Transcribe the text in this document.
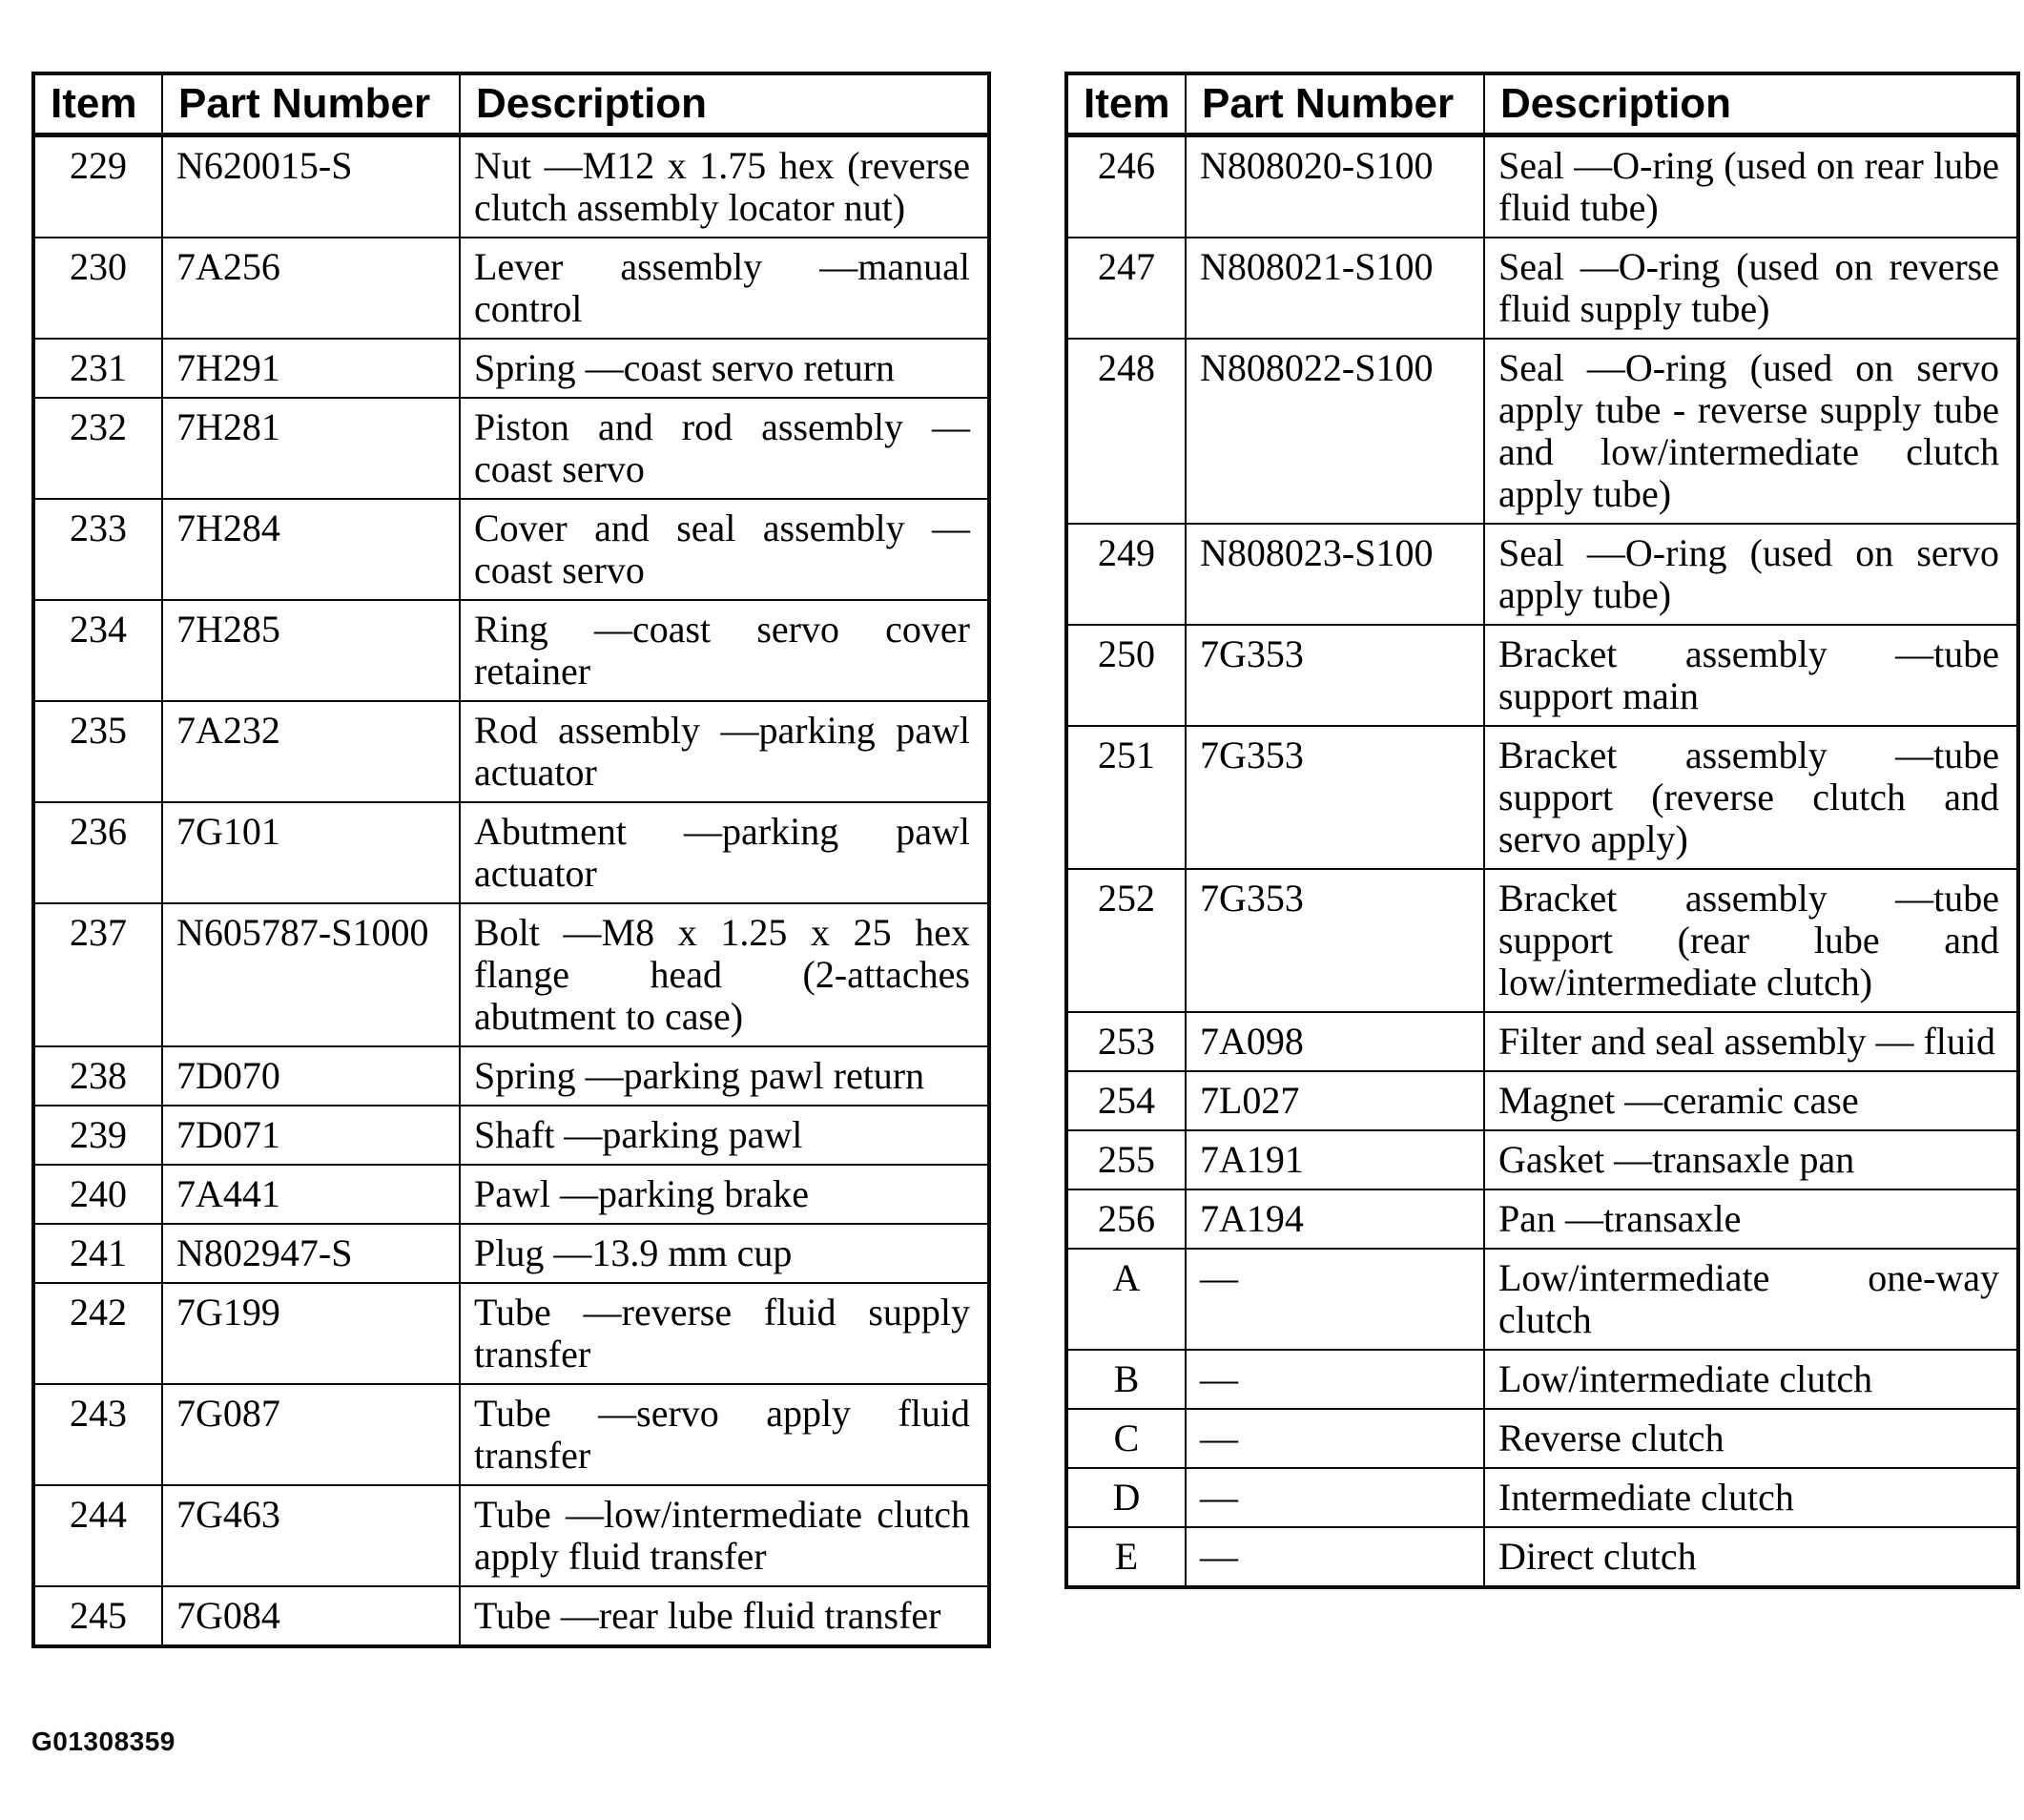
Item	Part Number	Description
229	N620015-S	Nut —M12 x 1.75 hex (reverse clutch assembly locator nut)
230	7A256	Lever assembly —manual control
231	7H291	Spring —coast servo return
232	7H281	Piston and rod assembly — coast servo
233	7H284	Cover and seal assembly — coast servo
234	7H285	Ring —coast servo cover retainer
235	7A232	Rod assembly —parking pawl actuator
236	7G101	Abutment —parking pawl actuator
237	N605787-S1000	Bolt —M8 x 1.25 x 25 hex flange head (2-attaches abutment to case)
238	7D070	Spring —parking pawl return
239	7D071	Shaft —parking pawl
240	7A441	Pawl —parking brake
241	N802947-S	Plug —13.9 mm cup
242	7G199	Tube —reverse fluid supply transfer
243	7G087	Tube —servo apply fluid transfer
244	7G463	Tube —low/intermediate clutch apply fluid transfer
245	7G084	Tube —rear lube fluid transfer
Item	Part Number	Description
246	N808020-S100	Seal —O-ring (used on rear lube fluid tube)
247	N808021-S100	Seal —O-ring (used on reverse fluid supply tube)
248	N808022-S100	Seal —O-ring (used on servo apply tube - reverse supply tube and low/intermediate clutch apply tube)
249	N808023-S100	Seal —O-ring (used on servo apply tube)
250	7G353	Bracket assembly —tube support main
251	7G353	Bracket assembly —tube support (reverse clutch and servo apply)
252	7G353	Bracket assembly —tube support (rear lube and low/intermediate clutch)
253	7A098	Filter and seal assembly — fluid
254	7L027	Magnet —ceramic case
255	7A191	Gasket —transaxle pan
256	7A194	Pan —transaxle
A	—	Low/intermediate one-way clutch
B	—	Low/intermediate clutch
C	—	Reverse clutch
D	—	Intermediate clutch
E	—	Direct clutch
G01308359
